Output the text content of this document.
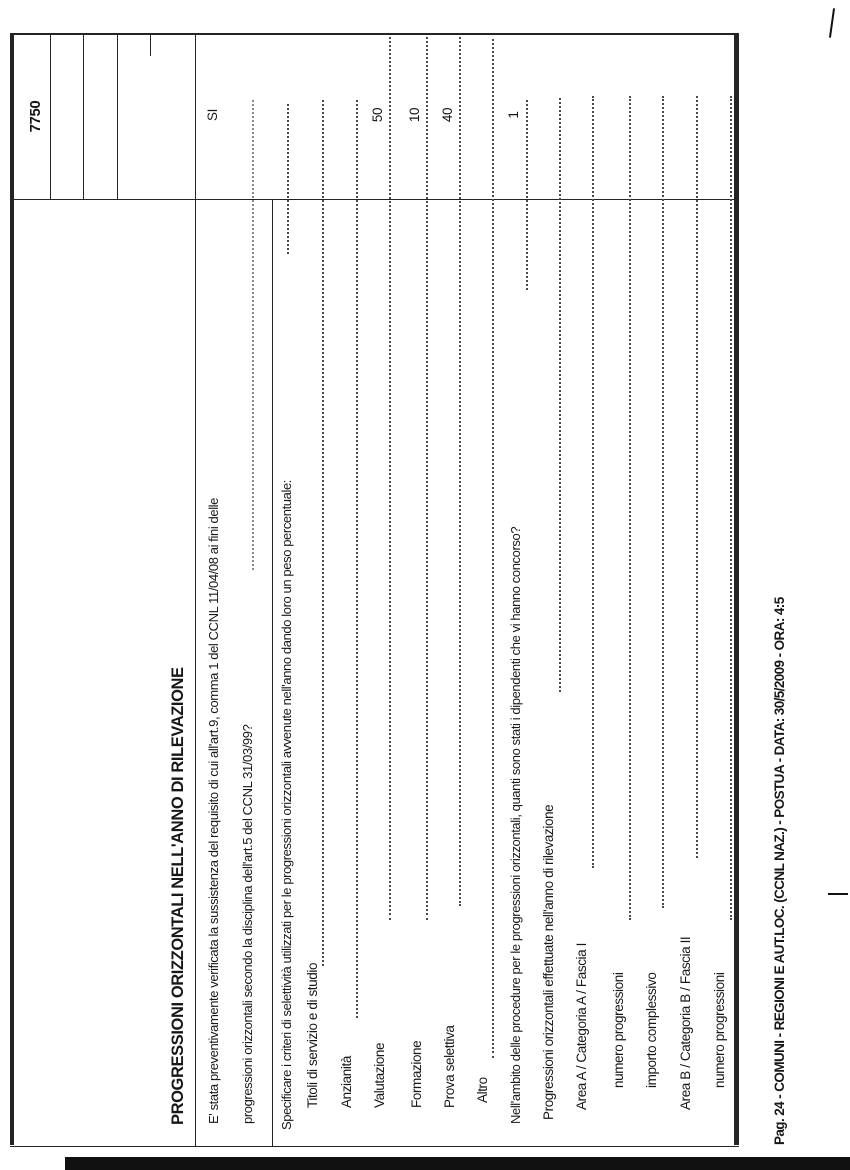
7750
PROGRESSIONI ORIZZONTALI NELL'ANNO DI RILEVAZIONE E' stata preventivamente verificata la sussistenza del requisito di cui all'art.9, comma 1 del CCNL 11/04/08 ai fini delle progressioni orizzontali secondo la disciplina dell'art.5 del CCNL 31/03/99?
SI
Specificare i criteri di selettività utilizzati per le progressioni orizzontali avvenute nell'anno dando loro un peso percentuale: Titoli di servizio e di studio Anzianità Valutazione
50
Formazione
10
Prova selettiva
40
Altro Nell'ambito delle procedure per le progressioni orizzontali, quanti sono stati i dipendenti che vi hanno concorso?
1
Progressioni orizzontali effettuate nell'anno di rilevazione Area A / Categoria A / Fascia I numero progressioni importo complessivo Area B / Categoria B / Fascia II numero progressioni	Pag. 24 - COMUNI - REGIONI E AUT.LOC. (CCNL NAZ.) - POSTUA - DATA: 30/5/2009 - ORA: 4:5
